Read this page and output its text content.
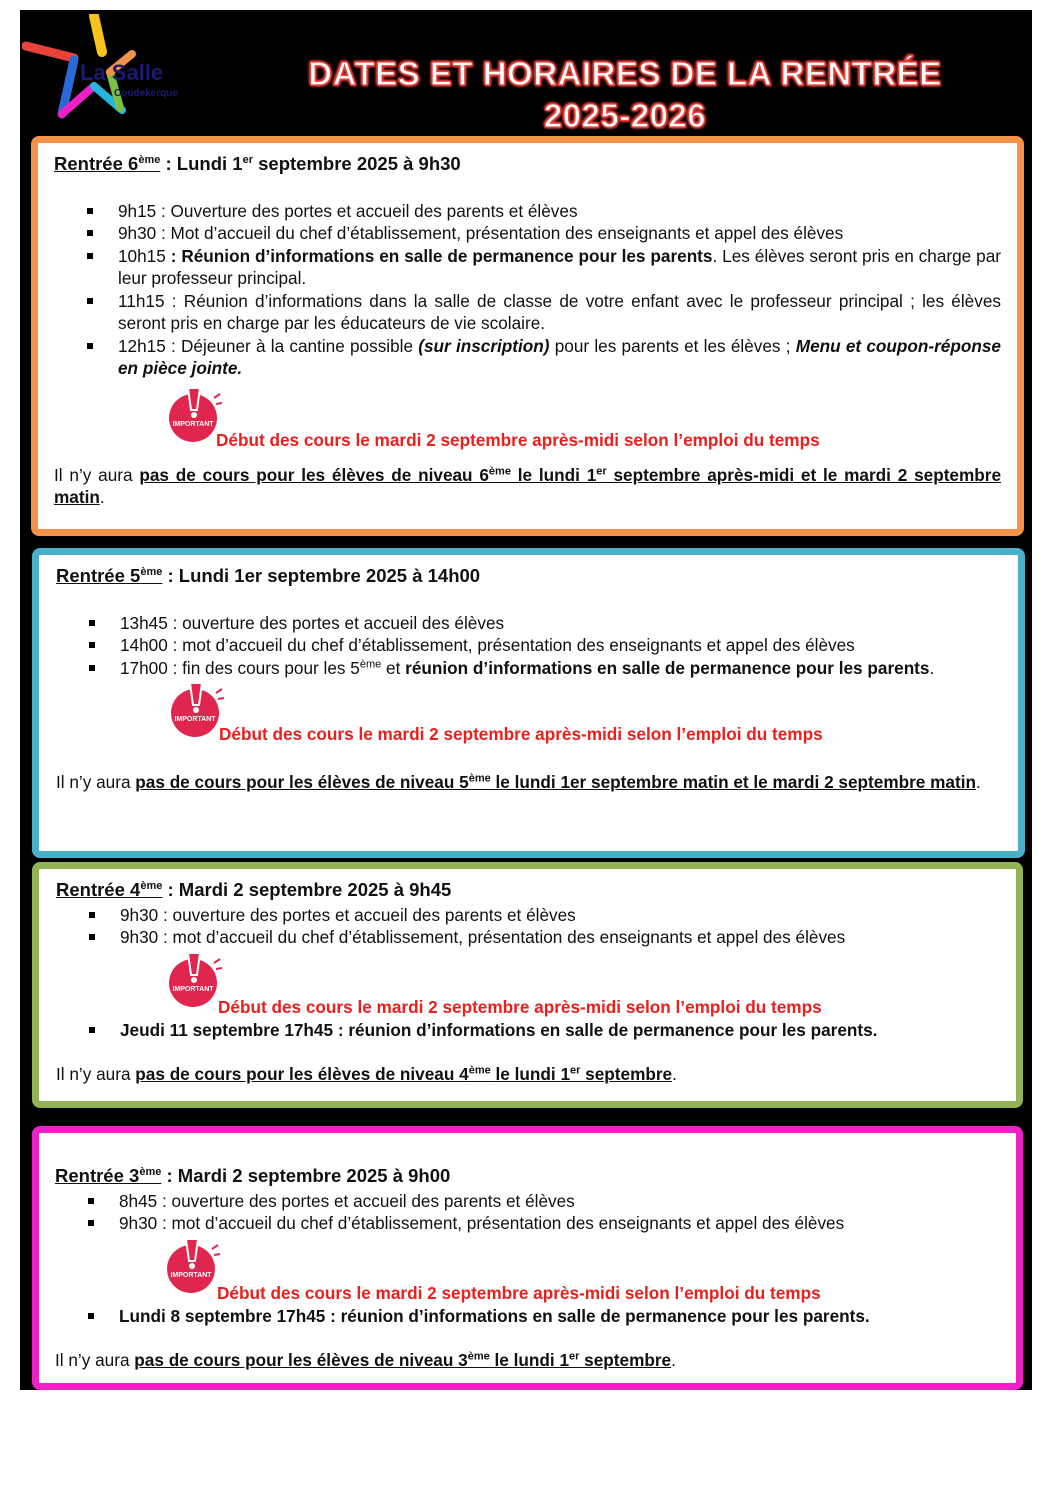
La Salle
Coudekerque
DATES ET HORAIRES DE LA RENTRÉE
2025-2026

Rentrée 6ème : Lundi 1er septembre 2025 à 9h30

9h15 : Ouverture des portes et accueil des parents et élèves
9h30 : Mot d’accueil du chef d’établissement, présentation des enseignants et appel des élèves
10h15 : Réunion d’informations en salle de permanence pour les parents. Les élèves seront pris en charge par leur professeur principal.
11h15 : Réunion d’informations dans la salle de classe de votre enfant avec le professeur principal ; les élèves seront pris en charge par les éducateurs de vie scolaire.
12h15 : Déjeuner à la cantine possible (sur inscription) pour les parents et les élèves ; Menu et coupon-réponse en pièce jointe.
IMPORTANT
Début des cours le mardi 2 septembre après-midi selon l’emploi du temps

Il n’y aura pas de cours pour les élèves de niveau 6ème le lundi 1er septembre après-midi et le mardi 2 septembre matin.

Rentrée 5ème : Lundi 1er septembre 2025 à 14h00

13h45 : ouverture des portes et accueil des élèves
14h00 : mot d’accueil du chef d’établissement, présentation des enseignants et appel des élèves
17h00 : fin des cours pour les 5ème et réunion d’informations en salle de permanence pour les parents.
IMPORTANT
Début des cours le mardi 2 septembre après-midi selon l’emploi du temps

Il n’y aura pas de cours pour les élèves de niveau 5ème le lundi 1er septembre matin et le mardi 2 septembre matin.

Rentrée 4ème : Mardi 2 septembre 2025 à 9h45

9h30 : ouverture des portes et accueil des parents et élèves
9h30 : mot d’accueil du chef d’établissement, présentation des enseignants et appel des élèves
IMPORTANT
Début des cours le mardi 2 septembre après-midi selon l’emploi du temps
Jeudi 11 septembre 17h45 : réunion d’informations en salle de permanence pour les parents.

Il n’y aura pas de cours pour les élèves de niveau 4ème le lundi 1er septembre.

Rentrée 3ème : Mardi 2 septembre 2025 à 9h00

8h45 : ouverture des portes et accueil des parents et élèves
9h30 : mot d’accueil du chef d’établissement, présentation des enseignants et appel des élèves
IMPORTANT
Début des cours le mardi 2 septembre après-midi selon l’emploi du temps
Lundi 8 septembre 17h45 : réunion d’informations en salle de permanence pour les parents.

Il n’y aura pas de cours pour les élèves de niveau 3ème le lundi 1er septembre.
